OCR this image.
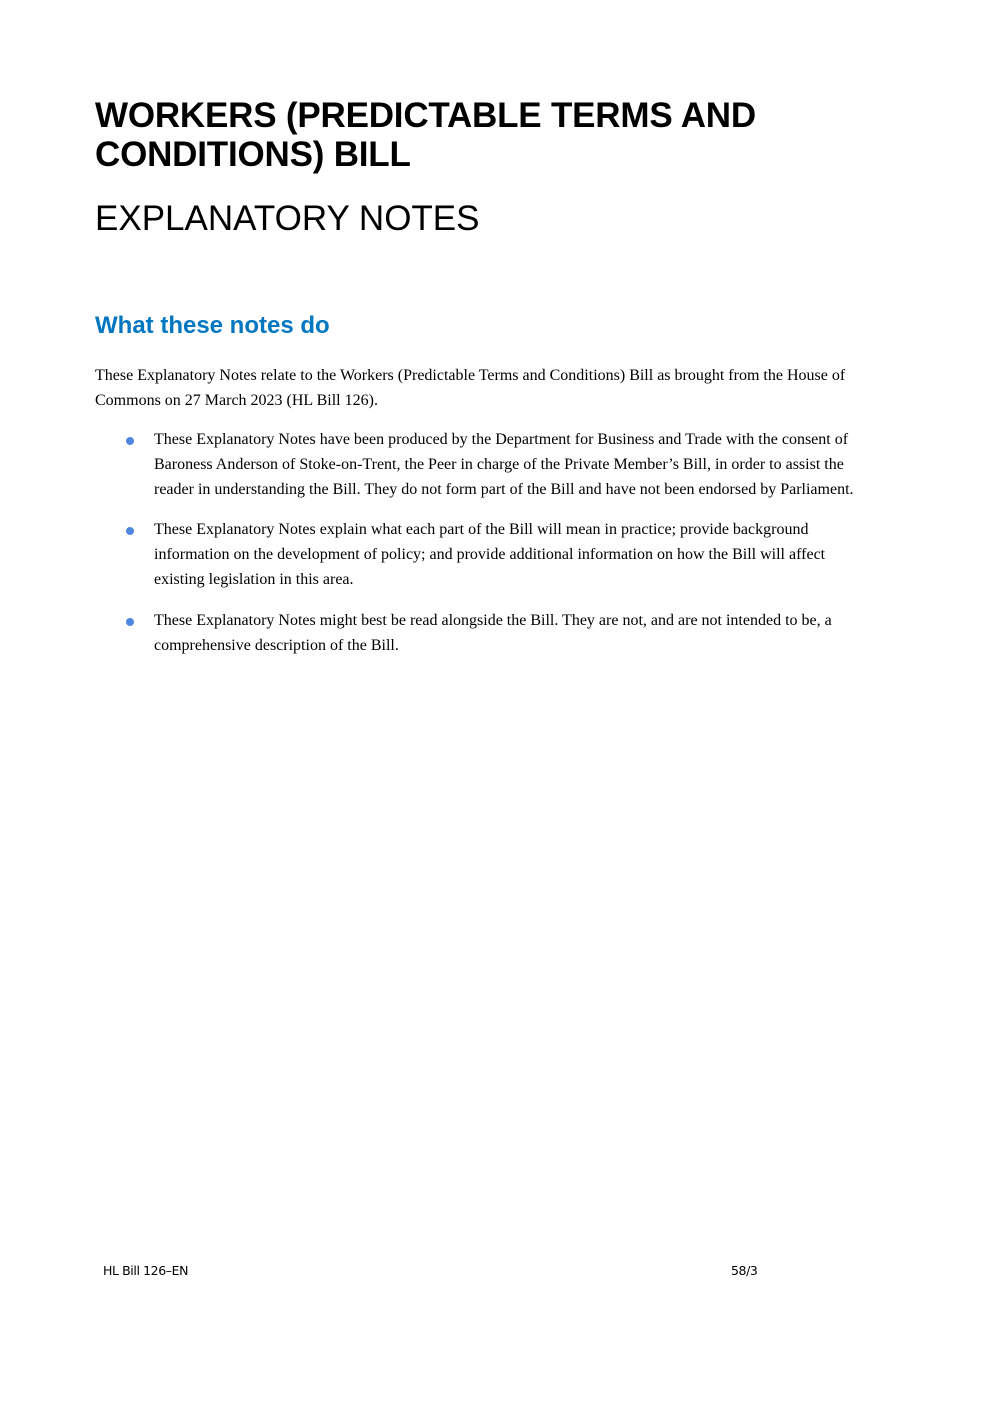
WORKERS (PREDICTABLE TERMS AND CONDITIONS) BILL
EXPLANATORY NOTES
What these notes do

These Explanatory Notes relate to the Workers (Predictable Terms and Conditions) Bill as brought from the House of Commons on 27 March 2023 (HL Bill 126).

These Explanatory Notes have been produced by the Department for Business and Trade with the consent of Baroness Anderson of Stoke-on-Trent, the Peer in charge of the Private Member’s Bill, in order to assist the reader in understanding the Bill. They do not form part of the Bill and have not been endorsed by Parliament.
These Explanatory Notes explain what each part of the Bill will mean in practice; provide background information on the development of policy; and provide additional information on how the Bill will affect existing legislation in this area.
These Explanatory Notes might best be read alongside the Bill. They are not, and are not intended to be, a comprehensive description of the Bill.
HL Bill 126–EN	58/3
